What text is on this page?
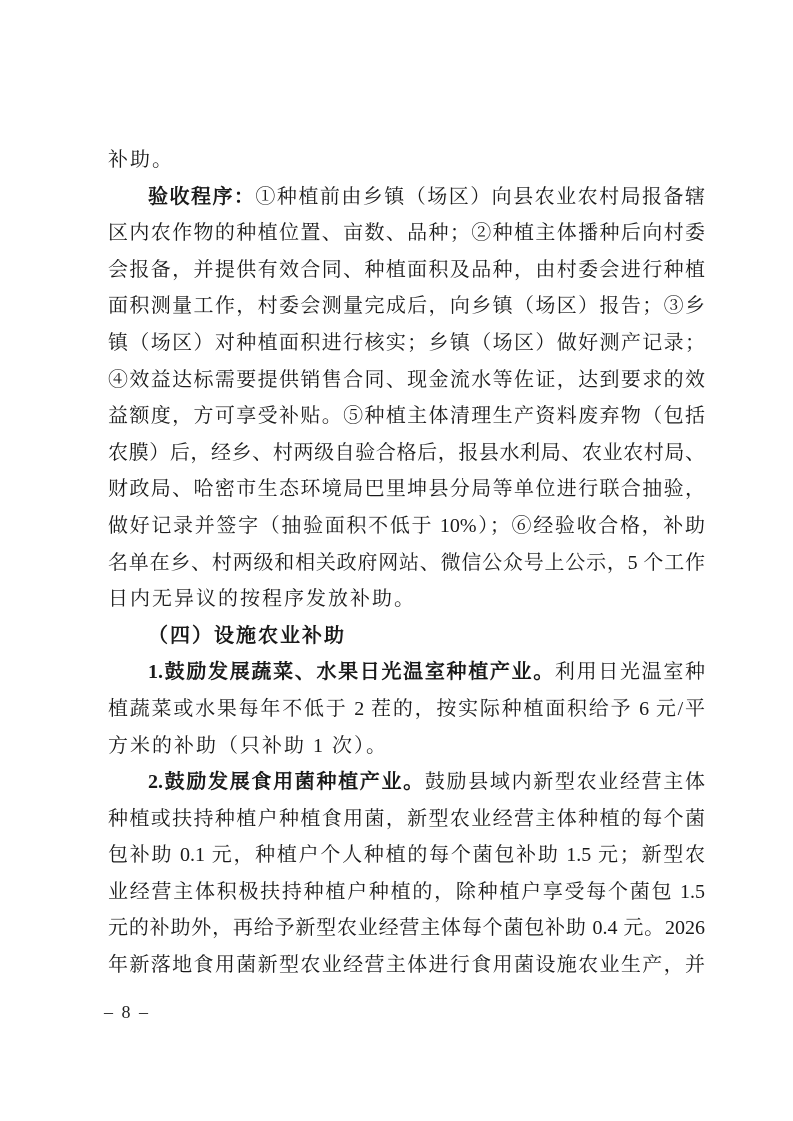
补助。
验收程序：①种植前由乡镇（场区）向县农业农村局报备辖
区内农作物的种植位置、亩数、品种；②种植主体播种后向村委
会报备，并提供有效合同、种植面积及品种，由村委会进行种植
面积测量工作，村委会测量完成后，向乡镇（场区）报告；③乡
镇（场区）对种植面积进行核实；乡镇（场区）做好测产记录；
④效益达标需要提供销售合同、现金流水等佐证，达到要求的效
益额度，方可享受补贴。⑤种植主体清理生产资料废弃物（包括
农膜）后，经乡、村两级自验合格后，报县水利局、农业农村局、
财政局、哈密市生态环境局巴里坤县分局等单位进行联合抽验，
做好记录并签字（抽验面积不低于 10%）；⑥经验收合格，补助
名单在乡、村两级和相关政府网站、微信公众号上公示，5 个工作
日内无异议的按程序发放补助。
（四）设施农业补助
1.鼓励发展蔬菜、水果日光温室种植产业。利用日光温室种
植蔬菜或水果每年不低于 2 茬的，按实际种植面积给予 6 元/平
方米的补助（只补助 1 次）。
2.鼓励发展食用菌种植产业。鼓励县域内新型农业经营主体
种植或扶持种植户种植食用菌，新型农业经营主体种植的每个菌
包补助 0.1 元，种植户个人种植的每个菌包补助 1.5 元；新型农
业经营主体积极扶持种植户种植的，除种植户享受每个菌包 1.5
元的补助外，再给予新型农业经营主体每个菌包补助 0.4 元。2026
年新落地食用菌新型农业经营主体进行食用菌设施农业生产，并
– 8 –
